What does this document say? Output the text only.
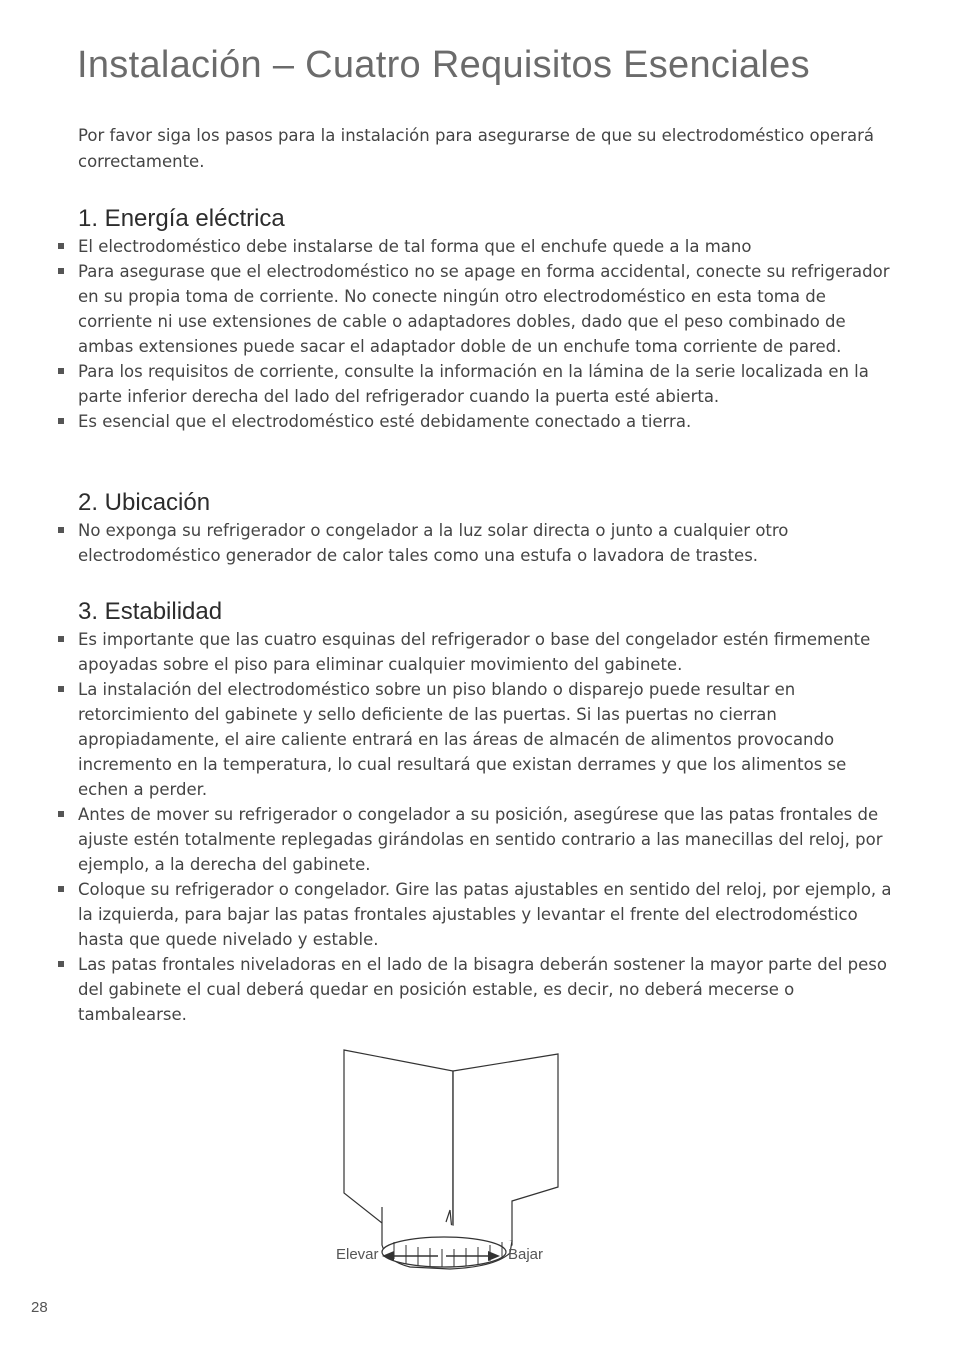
Instalación – Cuatro Requisitos Esenciales

Por favor siga los pasos para la instalación para asegurarse de que su electrodoméstico operará correctamente.

1. Energía eléctrica
El electrodoméstico debe instalarse de tal forma que el enchufe quede a la mano
Para asegurase que el electrodoméstico no se apage en forma accidental, conecte su refrigerador en su propia toma de corriente. No conecte ningún otro electrodoméstico en esta toma de corriente ni use extensiones de cable o adaptadores dobles, dado que el peso combinado de ambas extensiones puede sacar el adaptador doble de un enchufe toma corriente de pared.
Para los requisitos de corriente, consulte la información en la lámina de la serie localizada en la parte inferior derecha del lado del refrigerador cuando la puerta esté abierta.
Es esencial que el electrodoméstico esté debidamente conectado a tierra.
2. Ubicación
No exponga su refrigerador o congelador a la luz solar directa o junto a cualquier otro electrodoméstico generador de calor tales como una estufa o lavadora de trastes.
3. Estabilidad
Es importante que las cuatro esquinas del refrigerador o base del congelador estén firmemente apoyadas sobre el piso para eliminar cualquier movimiento del gabinete.
La instalación del electrodoméstico sobre un piso blando o disparejo puede resultar en retorcimiento del gabinete y sello deficiente de las puertas. Si las puertas no cierran apropiadamente, el aire caliente entrará en las áreas de almacén de alimentos provocando incremento en la temperatura, lo cual resultará que existan derrames y que los alimentos se echen a perder.
Antes de mover su refrigerador o congelador a su posición, asegúrese que las patas frontales de ajuste estén totalmente replegadas girándolas en sentido contrario a las manecillas del reloj, por ejemplo, a la derecha del gabinete.
Coloque su refrigerador o congelador. Gire las patas ajustables en sentido del reloj, por ejemplo, a la izquierda, para bajar las patas frontales ajustables y levantar el frente del electrodoméstico hasta que quede nivelado y estable.
Las patas frontales niveladoras en el lado de la bisagra deberán sostener la mayor parte del peso del gabinete el cual deberá quedar en posición estable, es decir, no deberá mecerse o tambalearse.
Elevar	Bajar
28
